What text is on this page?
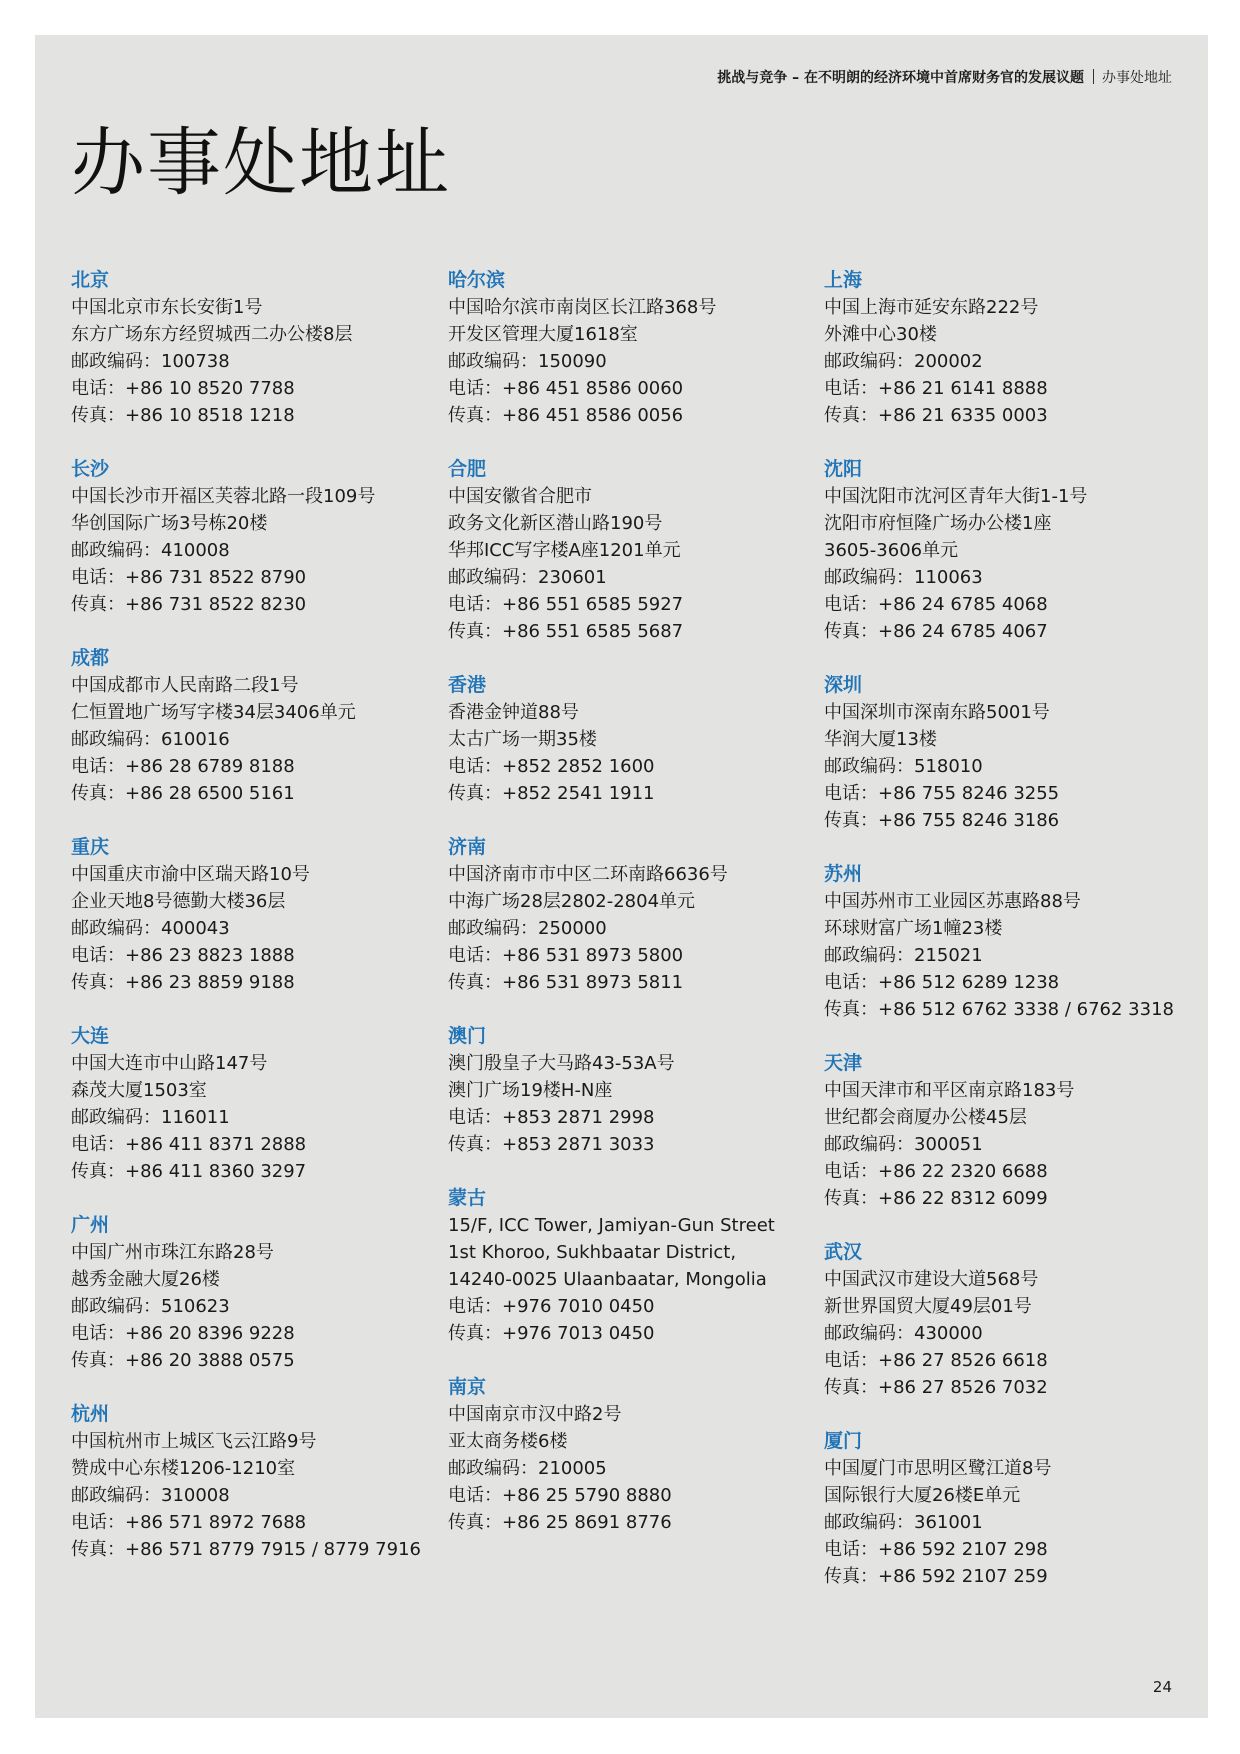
挑战与竞争 – 在不明朗的经济环境中首席财务官的发展议题 办事处地址
办事处地址
北京
中国北京市东长安街1号
东方广场东方经贸城西二办公楼8层
邮政编码：100738
电话：+86 10 8520 7788
传真：+86 10 8518 1218
长沙
中国长沙市开福区芙蓉北路一段109号
华创国际广场3号栋20楼
邮政编码：410008
电话：+86 731 8522 8790
传真：+86 731 8522 8230
成都
中国成都市人民南路二段1号
仁恒置地广场写字楼34层3406单元
邮政编码：610016
电话：+86 28 6789 8188
传真：+86 28 6500 5161
重庆
中国重庆市渝中区瑞天路10号
企业天地8号德勤大楼36层
邮政编码：400043
电话：+86 23 8823 1888
传真：+86 23 8859 9188
大连
中国大连市中山路147号
森茂大厦1503室
邮政编码：116011
电话：+86 411 8371 2888
传真：+86 411 8360 3297
广州
中国广州市珠江东路28号
越秀金融大厦26楼
邮政编码：510623
电话：+86 20 8396 9228
传真：+86 20 3888 0575
杭州
中国杭州市上城区飞云江路9号
赞成中心东楼1206-1210室
邮政编码：310008
电话：+86 571 8972 7688
传真：+86 571 8779 7915 / 8779 7916
哈尔滨
中国哈尔滨市南岗区长江路368号
开发区管理大厦1618室
邮政编码：150090
电话：+86 451 8586 0060
传真：+86 451 8586 0056
合肥
中国安徽省合肥市
政务文化新区潜山路190号
华邦ICC写字楼A座1201单元
邮政编码：230601
电话：+86 551 6585 5927
传真：+86 551 6585 5687
香港
香港金钟道88号
太古广场一期35楼
电话：+852 2852 1600
传真：+852 2541 1911
济南
中国济南市市中区二环南路6636号
中海广场28层2802-2804单元
邮政编码：250000
电话：+86 531 8973 5800
传真：+86 531 8973 5811
澳门
澳门殷皇子大马路43-53A号
澳门广场19楼H-N座
电话：+853 2871 2998
传真：+853 2871 3033
蒙古
15/F, ICC Tower, Jamiyan-Gun Street
1st Khoroo, Sukhbaatar District,
14240-0025 Ulaanbaatar, Mongolia
电话：+976 7010 0450
传真：+976 7013 0450
南京
中国南京市汉中路2号
亚太商务楼6楼
邮政编码：210005
电话：+86 25 5790 8880
传真：+86 25 8691 8776
上海
中国上海市延安东路222号
外滩中心30楼
邮政编码：200002
电话：+86 21 6141 8888
传真：+86 21 6335 0003
沈阳
中国沈阳市沈河区青年大街1-1号
沈阳市府恒隆广场办公楼1座
3605-3606单元
邮政编码：110063
电话：+86 24 6785 4068
传真：+86 24 6785 4067
深圳
中国深圳市深南东路5001号
华润大厦13楼
邮政编码：518010
电话：+86 755 8246 3255
传真：+86 755 8246 3186
苏州
中国苏州市工业园区苏惠路88号
环球财富广场1幢23楼
邮政编码：215021
电话：+86 512 6289 1238
传真：+86 512 6762 3338 / 6762 3318
天津
中国天津市和平区南京路183号
世纪都会商厦办公楼45层
邮政编码：300051
电话：+86 22 2320 6688
传真：+86 22 8312 6099
武汉
中国武汉市建设大道568号
新世界国贸大厦49层01号
邮政编码：430000
电话：+86 27 8526 6618
传真：+86 27 8526 7032
厦门
中国厦门市思明区鹭江道8号
国际银行大厦26楼E单元
邮政编码：361001
电话：+86 592 2107 298
传真：+86 592 2107 259
24
